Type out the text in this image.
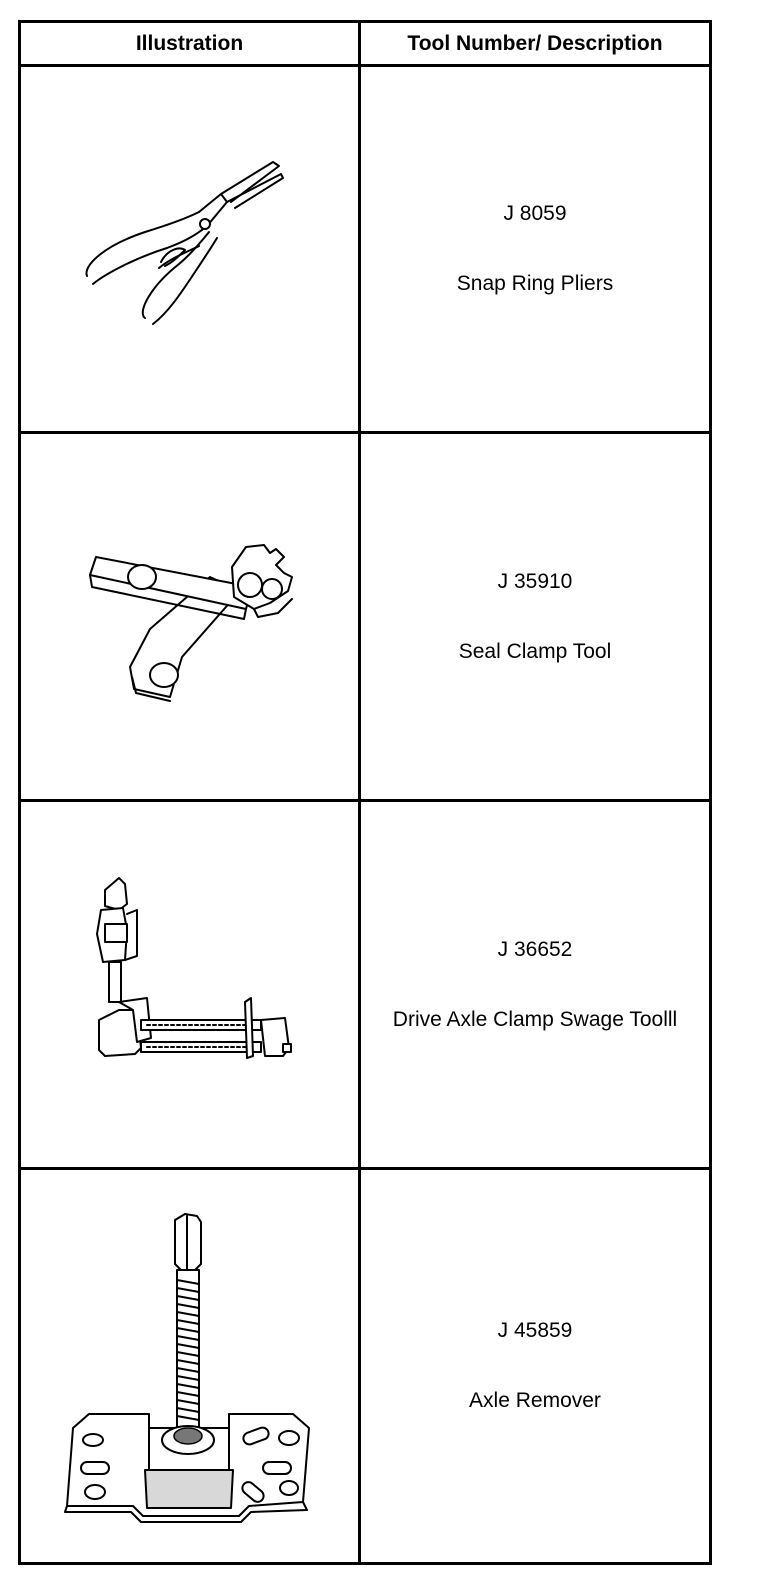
Illustration	Tool Number/ Description
J 8059
Snap Ring Pliers
J 35910
Seal Clamp Tool
J 36652
Drive Axle Clamp Swage Toolll
J 45859
Axle Remover
